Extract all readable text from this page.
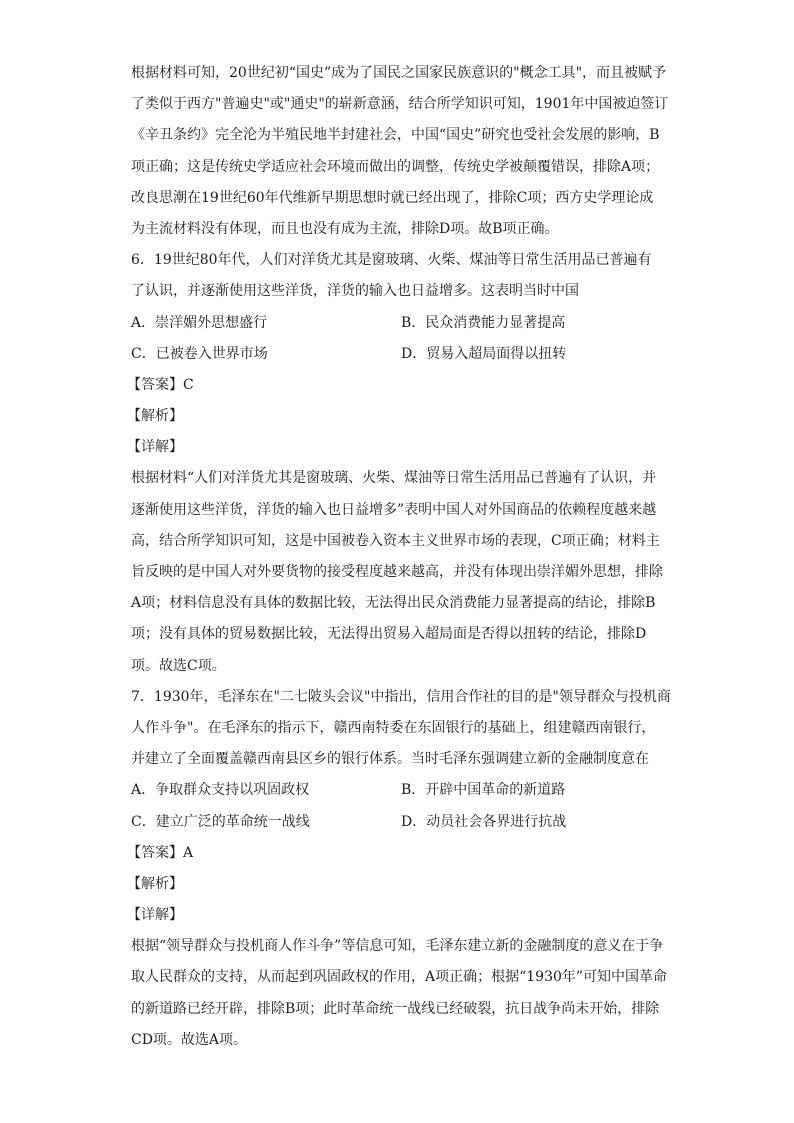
根据材料可知，20世纪初“国史”成为了国民之国家民族意识的"概念工具"，而且被赋予
了类似于西方"普遍史"或"通史"的崭新意涵，结合所学知识可知，1901年中国被迫签订
《辛丑条约》完全沦为半殖民地半封建社会，中国“国史”研究也受社会发展的影响，B
项正确；这是传统史学适应社会环境而做出的调整，传统史学被颠覆错误，排除A项；
改良思潮在19世纪60年代维新早期思想时就已经出现了，排除C项；西方史学理论成
为主流材料没有体现，而且也没有成为主流，排除D项。故B项正确。
6．19世纪80年代，人们对洋货尤其是窗玻璃、火柴、煤油等日常生活用品已普遍有
了认识，并逐渐使用这些洋货，洋货的输入也日益增多。这表明当时中国
A．崇洋媚外思想盛行	B．民众消费能力显著提高
C．已被卷入世界市场	D．贸易入超局面得以扭转
【答案】C
【解析】
【详解】
根据材料“人们对洋货尤其是窗玻璃、火柴、煤油等日常生活用品已普遍有了认识，并
逐渐使用这些洋货，洋货的输入也日益增多”表明中国人对外国商品的依赖程度越来越
高，结合所学知识可知，这是中国被卷入资本主义世界市场的表现，C项正确；材料主
旨反映的是中国人对外要货物的接受程度越来越高，并没有体现出崇洋媚外思想，排除
A项；材料信息没有具体的数据比较，无法得出民众消费能力显著提高的结论，排除B
项；没有具体的贸易数据比较，无法得出贸易入超局面是否得以扭转的结论，排除D
项。故选C项。
7．1930年，毛泽东在"二七陂头会议"中指出，信用合作社的目的是"领导群众与投机商
人作斗争"。在毛泽东的指示下，赣西南特委在东固银行的基础上，组建赣西南银行，
并建立了全面覆盖赣西南县区乡的银行体系。当时毛泽东强调建立新的金融制度意在
A．争取群众支持以巩固政权	B．开辟中国革命的新道路
C．建立广泛的革命统一战线	D．动员社会各界进行抗战
【答案】A
【解析】
【详解】
根据“领导群众与投机商人作斗争”等信息可知，毛泽东建立新的金融制度的意义在于争
取人民群众的支持，从而起到巩固政权的作用，A项正确；根据“1930年”可知中国革命
的新道路已经开辟，排除B项；此时革命统一战线已经破裂，抗日战争尚未开始，排除
CD项。故选A项。
